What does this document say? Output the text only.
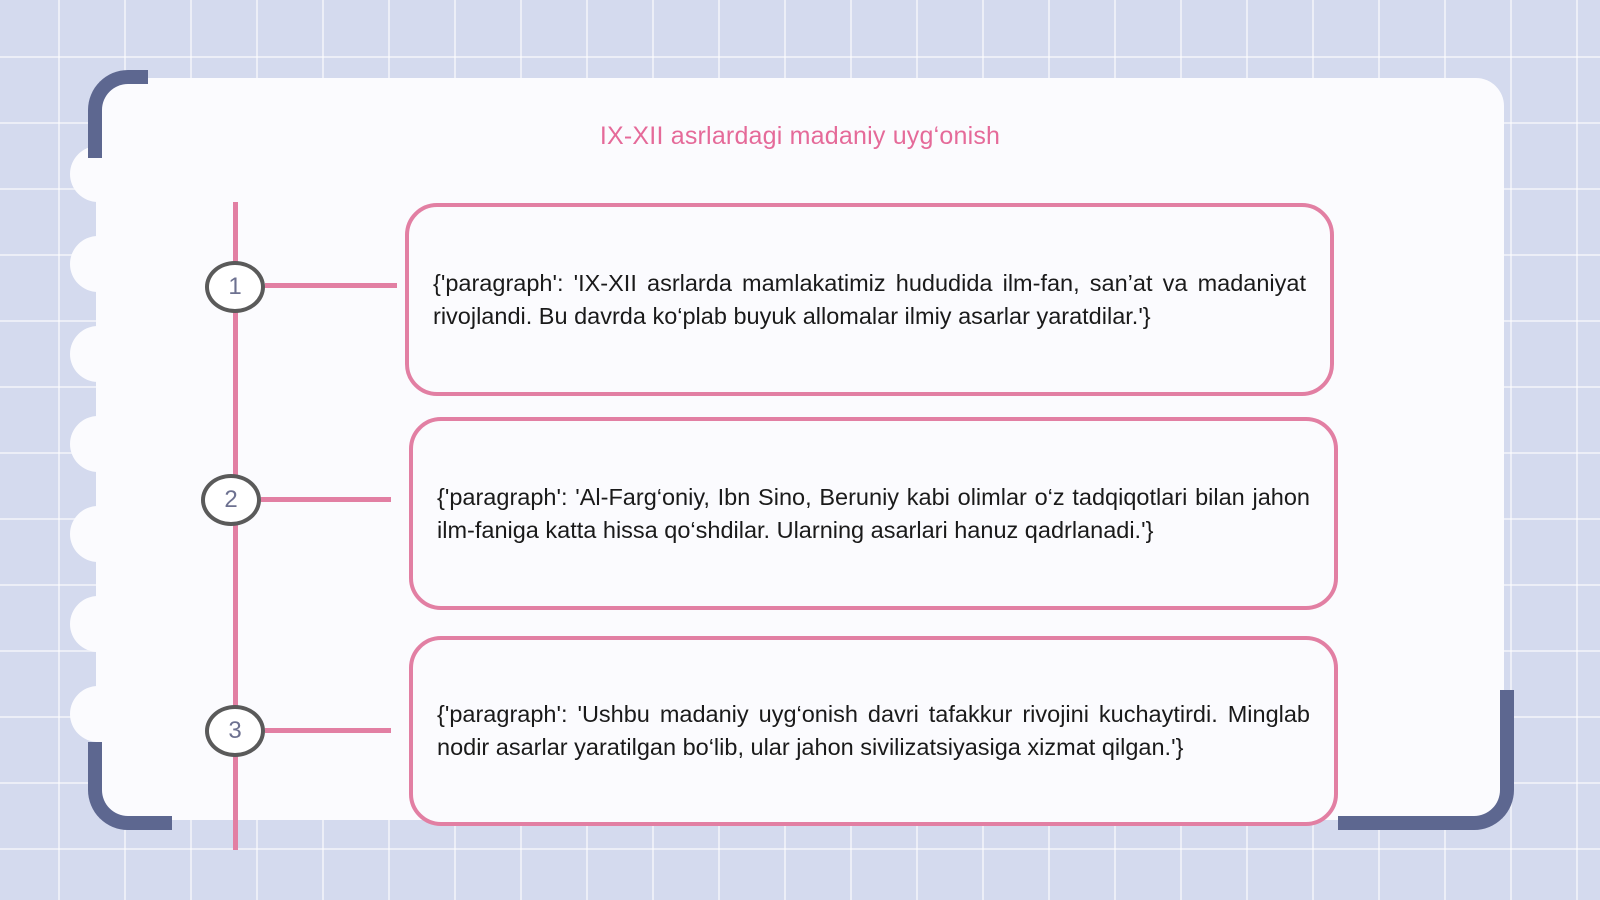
IX-XII asrlardagi madaniy uyg‘onish
1
2
3

{'paragraph': 'IX-XII asrlarda mamlakatimiz hududida ilm-fan, san’at va madaniyat rivojlandi. Bu davrda ko‘plab buyuk allomalar ilmiy asarlar yaratdilar.'}

{'paragraph': 'Al-Farg‘oniy, Ibn Sino, Beruniy kabi olimlar o‘z tadqiqotlari bilan jahon ilm-faniga katta hissa qo‘shdilar. Ularning asarlari hanuz qadrlanadi.'}

{'paragraph': 'Ushbu madaniy uyg‘onish davri tafakkur rivojini kuchaytirdi. Minglab nodir asarlar yaratilgan bo‘lib, ular jahon sivilizatsiyasiga xizmat qilgan.'}
